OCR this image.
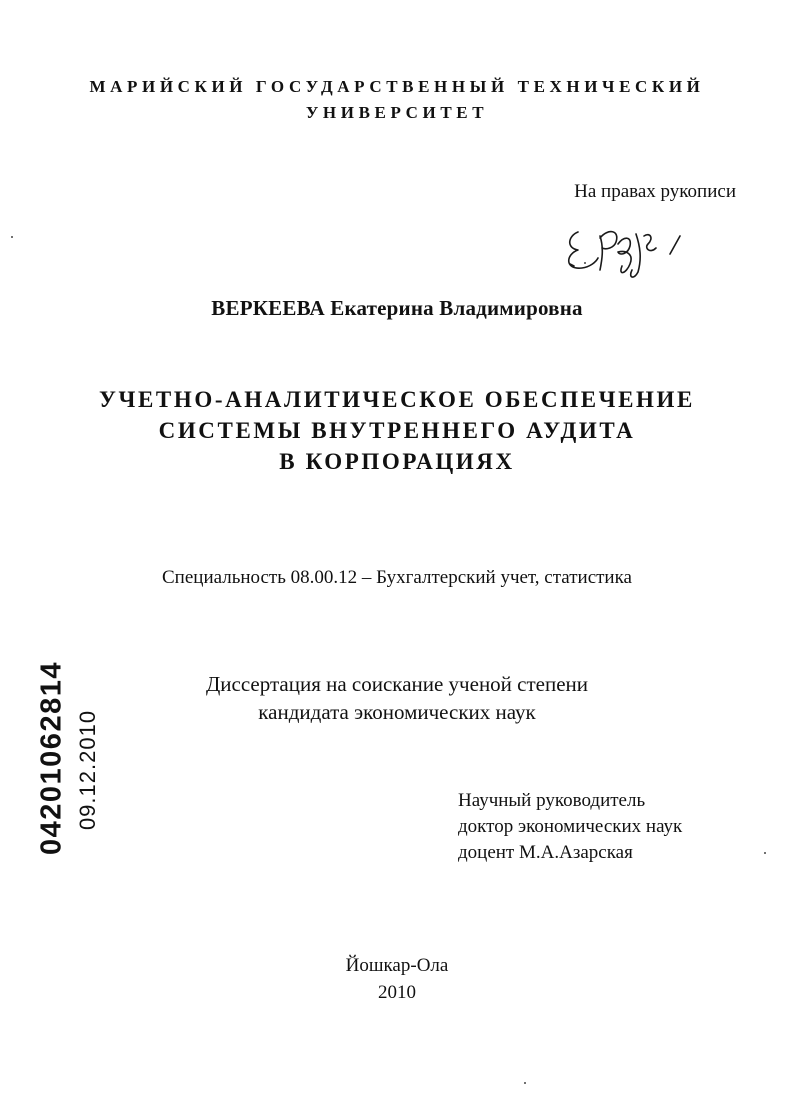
МАРИЙСКИЙ ГОСУДАРСТВЕННЫЙ ТЕХНИЧЕСКИЙ
УНИВЕРСИТЕТ
На правах рукописи
ВЕРКЕЕВА Екатерина Владимировна
УЧЕТНО-АНАЛИТИЧЕСКОЕ ОБЕСПЕЧЕНИЕ
СИСТЕМЫ ВНУТРЕННЕГО АУДИТА
В КОРПОРАЦИЯХ
Специальность 08.00.12 – Бухгалтерский учет, статистика
Диссертация на соискание ученой степени
кандидата экономических наук
Научный руководитель
доктор экономических наук
доцент М.А.Азарская
Йошкар-Ола
2010
04201062814 09.12.2010
